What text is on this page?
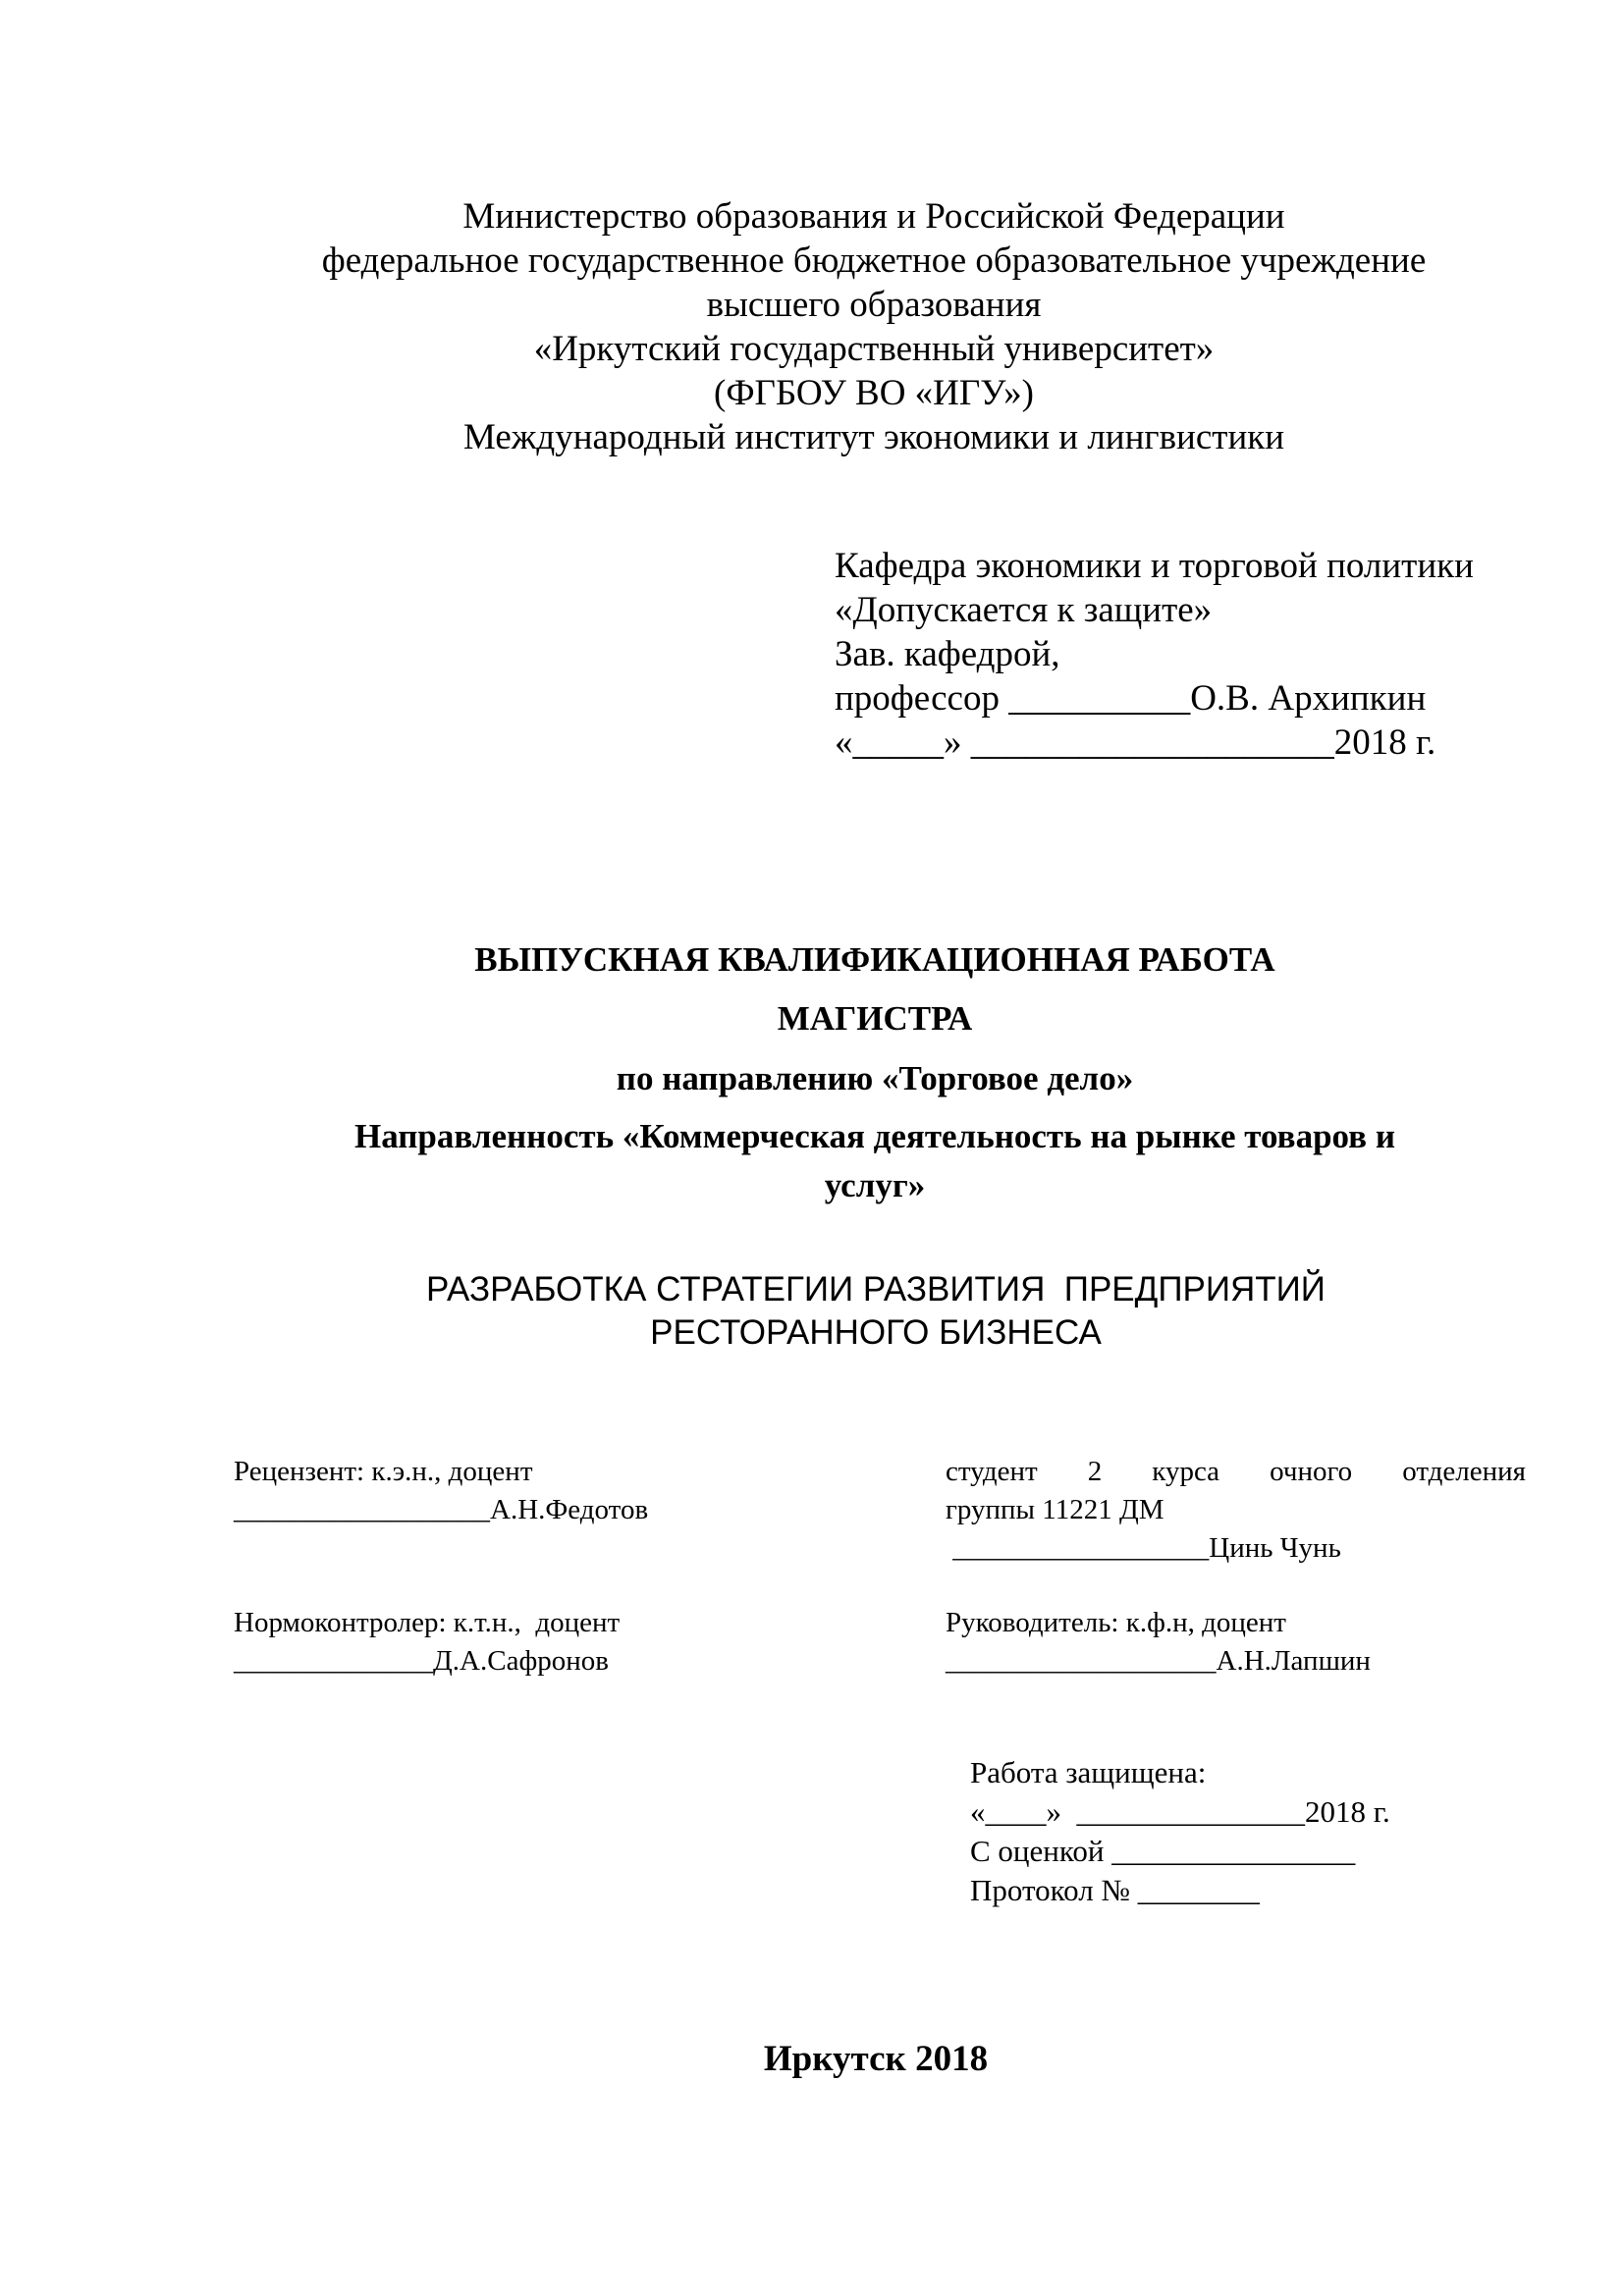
Министерство образования и Российской Федерации
федеральное государственное бюджетное образовательное учреждение
высшего образования
«Иркутский государственный университет»
(ФГБОУ ВО «ИГУ»)
Международный институт экономики и лингвистики
Кафедра экономики и торговой политики
«Допускается к защите»
Зав. кафедрой,
профессор __________О.В. Архипкин
«_____» ____________________2018 г.
ВЫПУСКНАЯ КВАЛИФИКАЦИОННАЯ РАБОТА
МАГИСТРА
по направлению «Торговое дело»
Направленность «Коммерческая деятельность на рынке товаров и
услуг»
РАЗРАБОТКА СТРАТЕГИИ РАЗВИТИЯ  ПРЕДПРИЯТИЙ
РЕСТОРАННОГО БИЗНЕСА
Рецензент: к.э.н., доцент
__________________А.Н.Федотов
студент 2 курса очного отделения
группы 11221 ДМ
__________________Цинь Чунь
Нормоконтролер: к.т.н.,  доцент
______________Д.А.Сафронов
Руководитель: к.ф.н, доцент
___________________А.Н.Лапшин
Работа защищена:
«____»  _______________2018 г.
С оценкой ________________
Протокол № ________
Иркутск 2018
